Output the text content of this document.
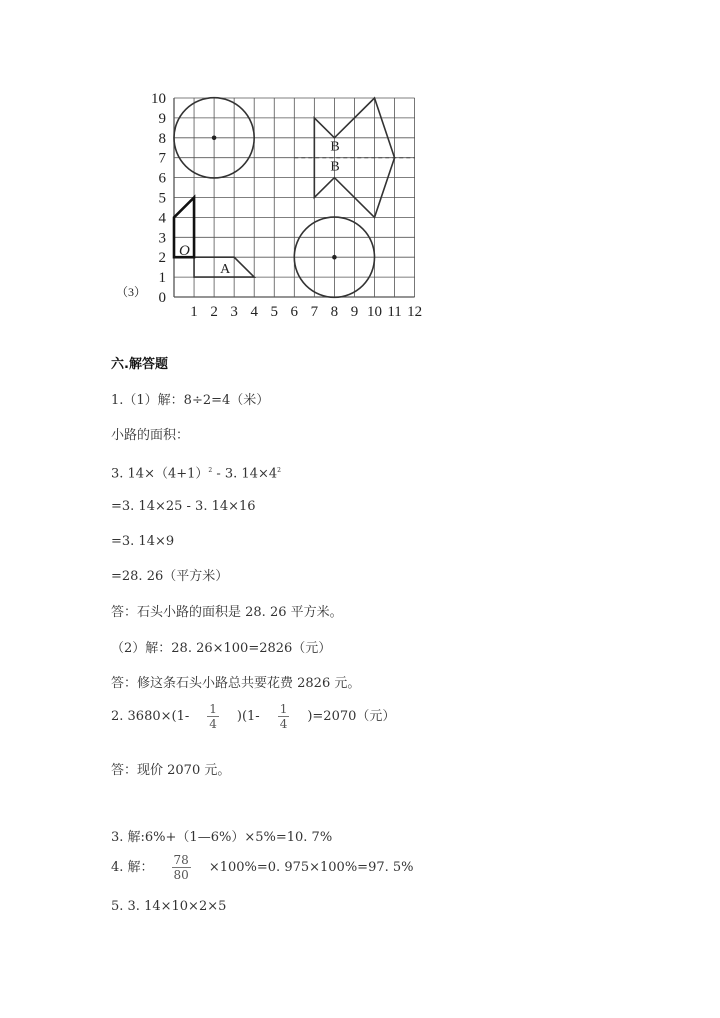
0
1
2
3
4
5
6
7
8
9
10
1 2 3 4 5 6 7 8 9 10 11 12
（3）
O
A
B
B
六.解答题
1.（1）解：8÷2=4（米）
小路的面积：
3. $14\times(4+1)^2 - 3$. $14\times 4^2$
=3. 14×25 - 3. 14×16
=3. 14×9
=28. 26（平方米）
答：石头小路的面积是 28. 26 平方米。
（2）解：28. 26×100=2826（元）
答：修这条石头小路总共要花费 2826 元。
2. $3680\times(1- \frac{1}{4} )(1- \frac{1}{4} )=2070$（元）
答：现价 2070 元。
3. 解:6%+（1—6%）×5%=10. 7%
4. 解： $\frac{78}{80} \times 100\%=0$. 975×100%=97. 5%
5. 3. 14×10×2×5
